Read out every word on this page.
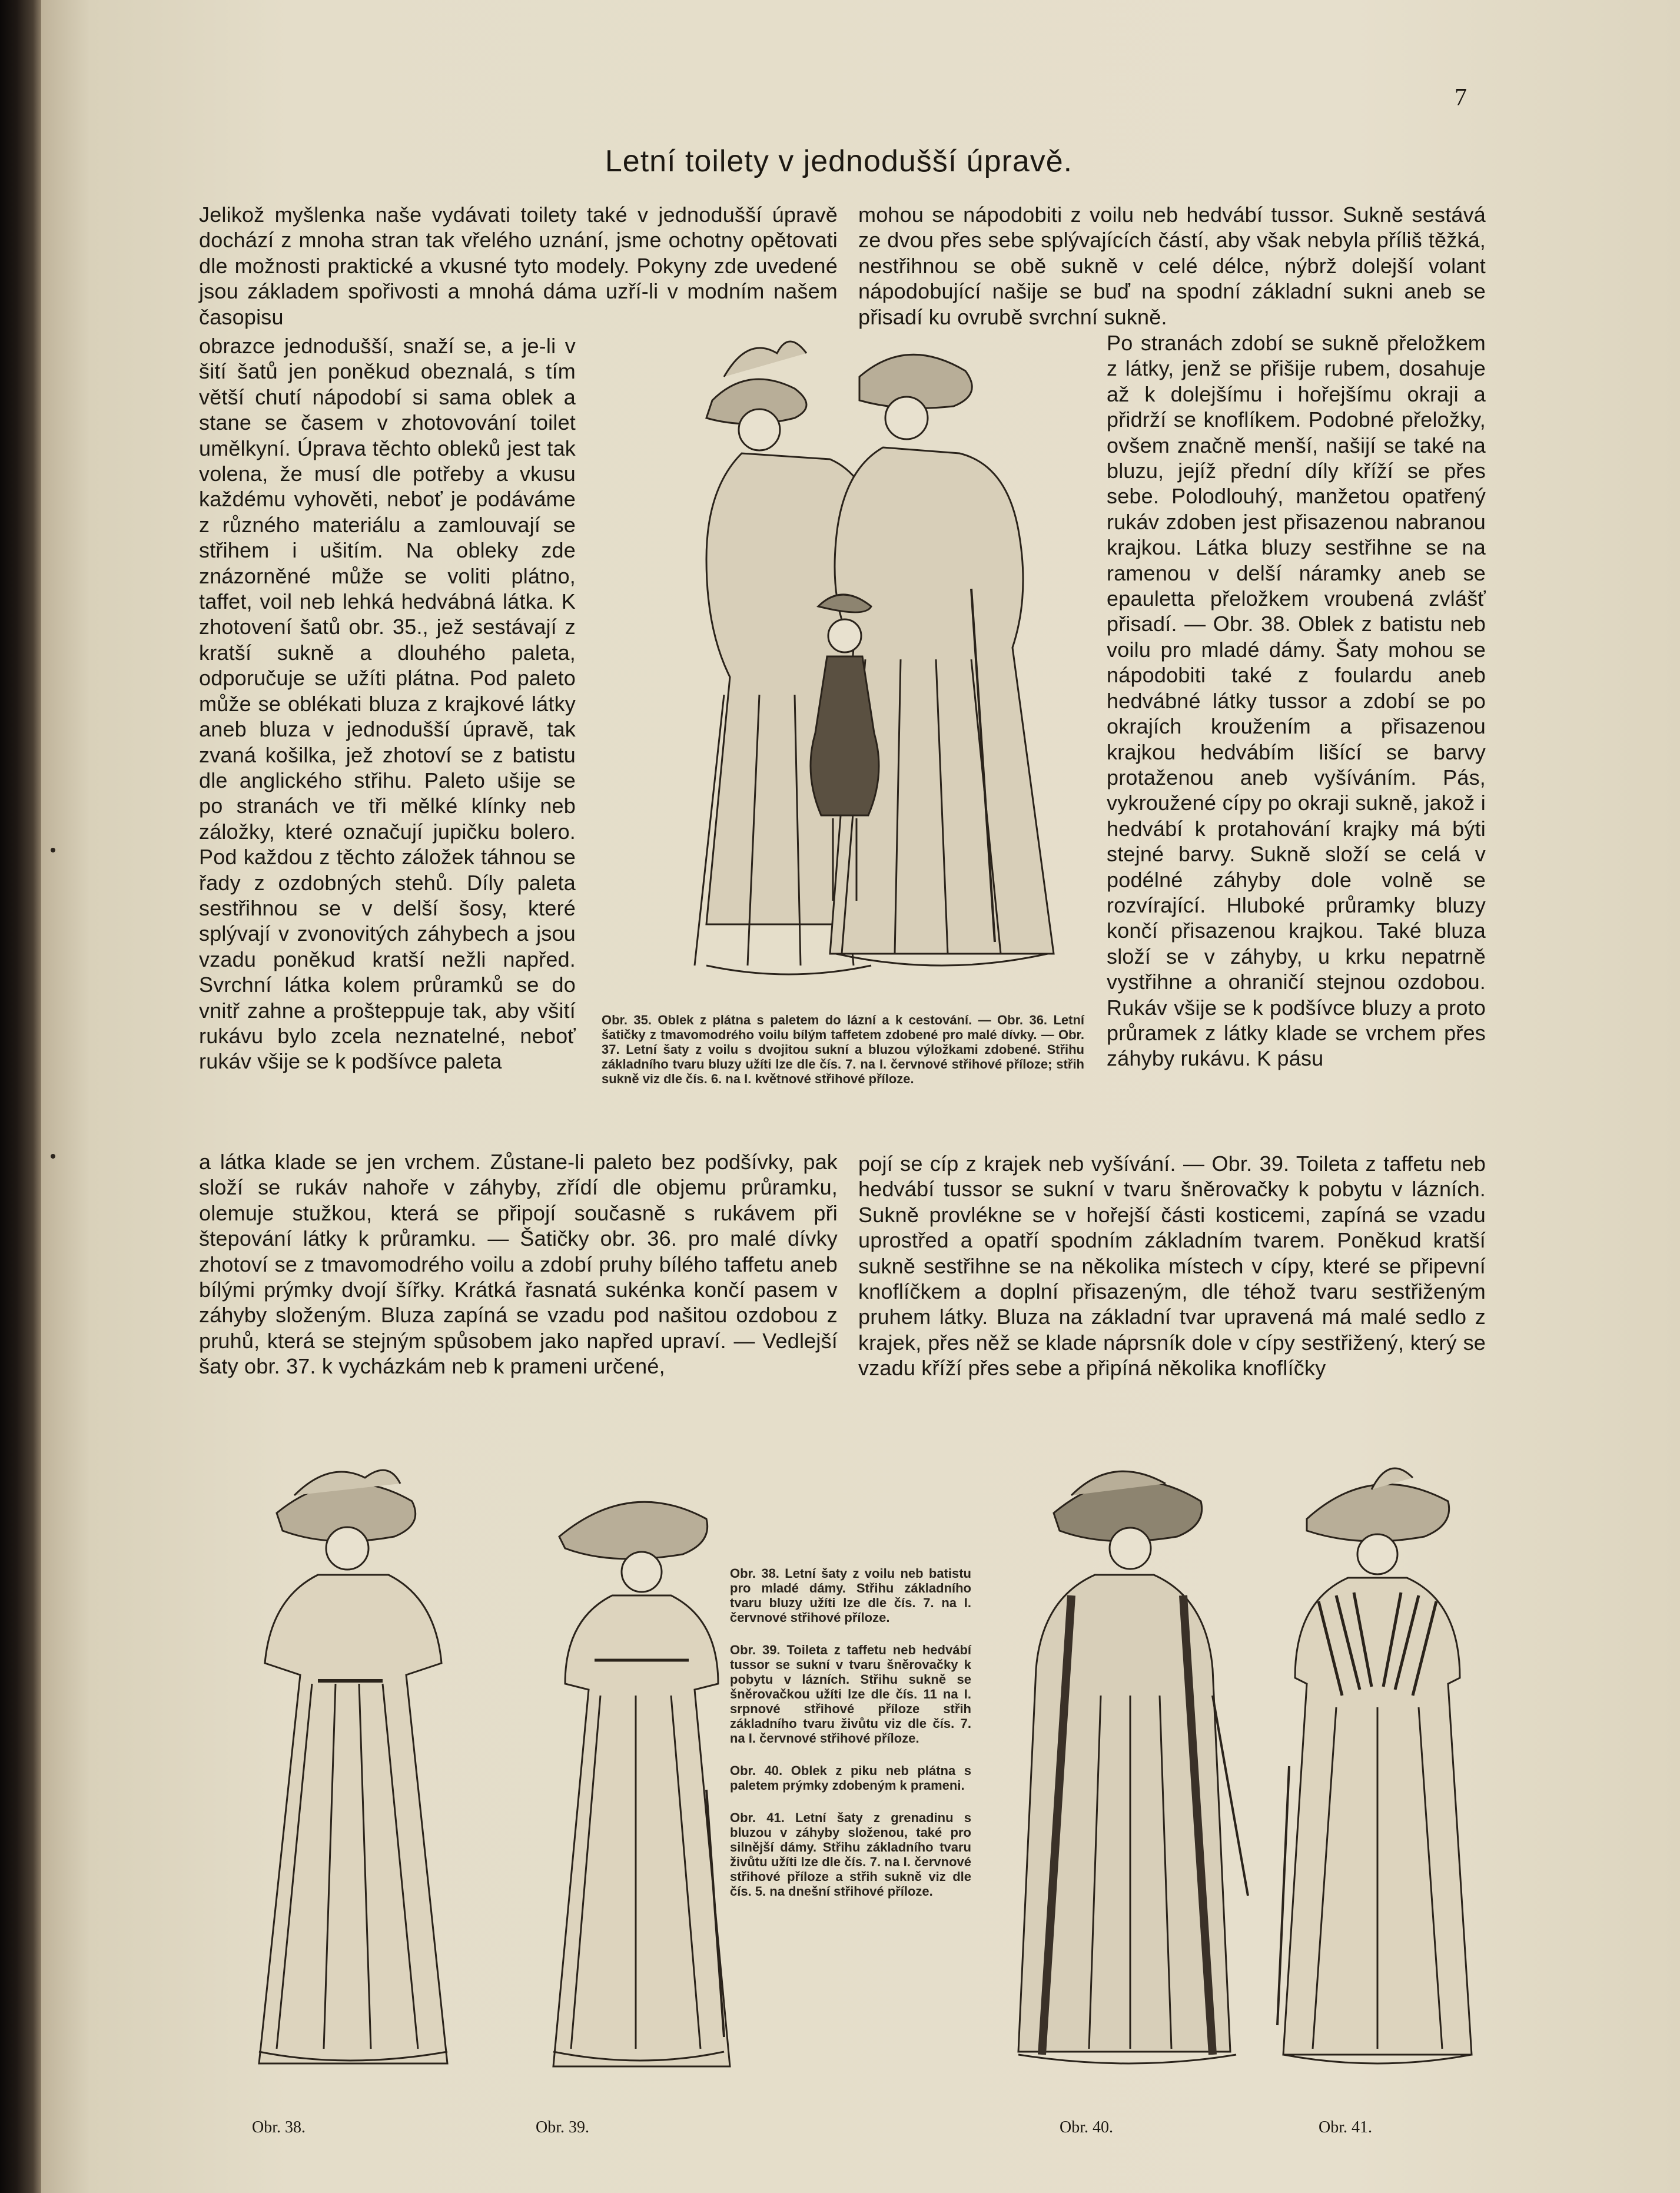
7
Letní toilety v jednodušší úpravě.

Jelikož myšlenka naše vydávati toilety také v jednodušší úpravě dochází z mnoha stran tak vřelého uznání, jsme ochotny opětovati dle možnosti praktické a vkusné tyto modely. Pokyny zde uvedené jsou základem spořivosti a mnohá dáma uzří-li v modním našem časopisu

obrazce jednodušší, snaží se, a je-li v šití šatů jen poněkud obeznalá, s tím větší chutí nápodobí si sama oblek a stane se časem v zhotovování toilet umělkyní. Úprava těchto obleků jest tak volena, že musí dle potřeby a vkusu každému vyhověti, neboť je podáváme z různého materiálu a zamlouvají se střihem i ušitím. Na obleky zde znázorněné může se voliti plátno, taffet, voil neb lehká hedvábná látka. K zhotovení šatů obr. 35., jež sestávají z kratší sukně a dlouhého paleta, odporučuje se užíti plátna. Pod paleto může se oblékati bluza z krajkové látky aneb bluza v jednodušší úpravě, tak zvaná košilka, jež zhotoví se z batistu dle anglického střihu. Paleto ušije se po stranách ve tři mělké klínky neb záložky, které označují jupičku bolero. Pod každou z těchto záložek táhnou se řady z ozdobných stehů. Díly paleta sestřihnou se v delší šosy, které splývají v zvonovitých záhybech a jsou vzadu poněkud kratší nežli napřed. Svrchní látka kolem průramků se do vnitř zahne a prošteppuje tak, aby všití rukávu bylo zcela neznatelné, neboť rukáv všije se k podšívce paleta

a látka klade se jen vrchem. Zůstane-li paleto bez podšívky, pak složí se rukáv nahoře v záhyby, zřídí dle objemu průramku, olemuje stužkou, která se připojí současně s rukávem při štepování látky k průramku. — Šatičky obr. 36. pro malé dívky zhotoví se z tmavomodrého voilu a zdobí pruhy bílého taffetu aneb bílými prýmky dvojí šířky. Krátká řasnatá sukénka končí pasem v záhyby složeným. Bluza zapíná se vzadu pod našitou ozdobou z pruhů, která se stejným spůsobem jako napřed upraví. — Vedlejší šaty obr. 37. k vycházkám neb k prameni určené,

mohou se nápodobiti z voilu neb hedvábí tussor. Sukně sestává ze dvou přes sebe splývajících částí, aby však nebyla příliš těžká, nestřihnou se obě sukně v celé délce, nýbrž dolejší volant nápodobující našije se buď na spodní základní sukni aneb se přisadí ku ovrubě svrchní sukně.

Po stranách zdobí se sukně přeložkem z látky, jenž se přišije rubem, dosahuje až k dolejšímu i hořejšímu okraji a přidrží se knoflíkem. Podobné přeložky, ovšem značně menší, našijí se také na bluzu, jejíž přední díly kříží se přes sebe. Polodlouhý, manžetou opatřený rukáv zdoben jest přisazenou nabranou krajkou. Látka bluzy sestřihne se na ramenou v delší náramky aneb se epauletta přeložkem vroubená zvlášť přisadí. — Obr. 38. Oblek z batistu neb voilu pro mladé dámy. Šaty mohou se nápodobiti také z foulardu aneb hedvábné látky tussor a zdobí se po okrajích kroužením a přisazenou krajkou hedvábím lišící se barvy protaženou aneb vyšíváním. Pás, vykroužené cípy po okraji sukně, jakož i hedvábí k protahování krajky má býti stejné barvy. Sukně složí se celá v podélné záhyby dole volně se rozvírající. Hluboké průramky bluzy končí přisazenou krajkou. Také bluza složí se v záhyby, u krku nepatrně vystřihne a ohraničí stejnou ozdobou. Rukáv všije se k podšívce bluzy a proto průramek z látky klade se vrchem přes záhyby rukávu. K pásu

pojí se cíp z krajek neb vyšívání. — Obr. 39. Toileta z taffetu neb hedvábí tussor se sukní v tvaru šněrovačky k pobytu v lázních. Sukně provlékne se v hořejší části kosticemi, zapíná se vzadu uprostřed a opatří spodním základním tvarem. Poněkud kratší sukně sestřihne se na několika místech v cípy, které se připevní knoflíčkem a doplní přisazeným, dle téhož tvaru sestřiženým pruhem látky. Bluza na základní tvar upravená má malé sedlo z krajek, přes něž se klade náprsník dole v cípy sestřižený, který se vzadu kříží přes sebe a připíná několika knoflíčky

Obr. 35. Oblek z plátna s paletem do lázní a k cestování. — Obr. 36. Letní šatičky z tmavomodrého voilu bílým taffetem zdobené pro malé dívky. — Obr. 37. Letní šaty z voilu s dvojitou sukní a bluzou výložkami zdobené. Střihu základního tvaru bluzy užíti lze dle čís. 7. na I. červnové střihové příloze; střih sukně viz dle čís. 6. na I. květnové střihové příloze.

Obr. 38.	Obr. 39.

Obr. 38. Letní šaty z voilu neb batistu pro mladé dámy. Střihu základního tvaru bluzy užíti lze dle čís. 7. na I. červnové střihové příloze.

Obr. 39. Toileta z taffetu neb hedvábí tussor se sukní v tvaru šněrovačky k pobytu v lázních. Střihu sukně se šněrovačkou užíti lze dle čís. 11 na I. srpnové střihové příloze střih základního tvaru živůtu viz dle čís. 7. na I. červnové střihové příloze.

Obr. 40. Oblek z piku neb plátna s paletem prýmky zdobeným k prameni.

Obr. 41. Letní šaty z grenadinu s bluzou v záhyby složenou, také pro silnější dámy. Střihu základního tvaru živůtu užíti lze dle čís. 7. na I. červnové střihové příloze a střih sukně viz dle čís. 5. na dnešní střihové příloze.

Obr. 40.	Obr. 41.
